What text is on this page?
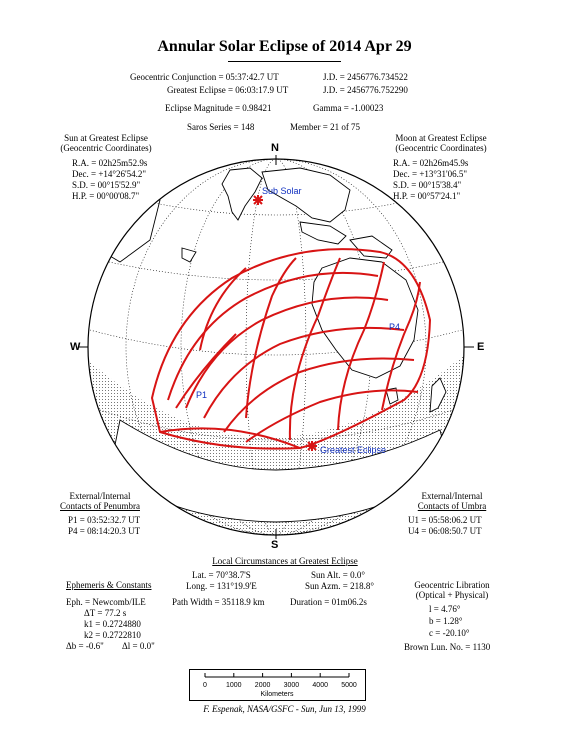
Annular Solar Eclipse of 2014 Apr 29
Geocentric Conjunction = 05:37:42.7 UT	J.D. = 2456776.734522
Greatest Eclipse = 06:03:17.9 UT	J.D. = 2456776.752290
Eclipse Magnitude = 0.98421	Gamma = -1.00023
Saros Series = 148	Member = 21 of 75
Sun at Greatest Eclipse
(Geocentric Coordinates)
R.A. = 02h25m52.9s
Dec. = +14°26'54.2"
S.D. = 00°15'52.9"
H.P. = 00°00'08.7"
Moon at Greatest Eclipse
(Geocentric Coordinates)
R.A. = 02h26m45.9s
Dec. = +13°31'06.5"
S.D. = 00°15'38.4"
H.P. = 00°57'24.1"
N
S
W	E
Sub Solar
Greatest Eclipse
P1
P4
External/Internal
Contacts of Penumbra
P1 = 03:52:32.7 UT
P4 = 08:14:20.3 UT
External/Internal
Contacts of Umbra
U1 = 05:58:06.2 UT
U4 = 06:08:50.7 UT
Local Circumstances at Greatest Eclipse
Lat. = 70°38.7'S
Long. = 131°19.9'E
Sun Alt. = 0.0°
Sun Azm. = 218.8°
Path Width = 35118.9 km	Duration = 01m06.2s
Ephemeris & Constants
Eph. = Newcomb/ILE
ΔT = 77.2 s
k1 = 0.2724880
k2 = 0.2722810
Δb = -0.6" Δl = 0.0"
Geocentric Libration
(Optical + Physical)
l = 4.76°
b = 1.28°
c = -20.10°
Brown Lun. No. = 1130
0	1000 2000 3000 4000 5000
Kilometers
F. Espenak, NASA/GSFC - Sun, Jun 13, 1999
